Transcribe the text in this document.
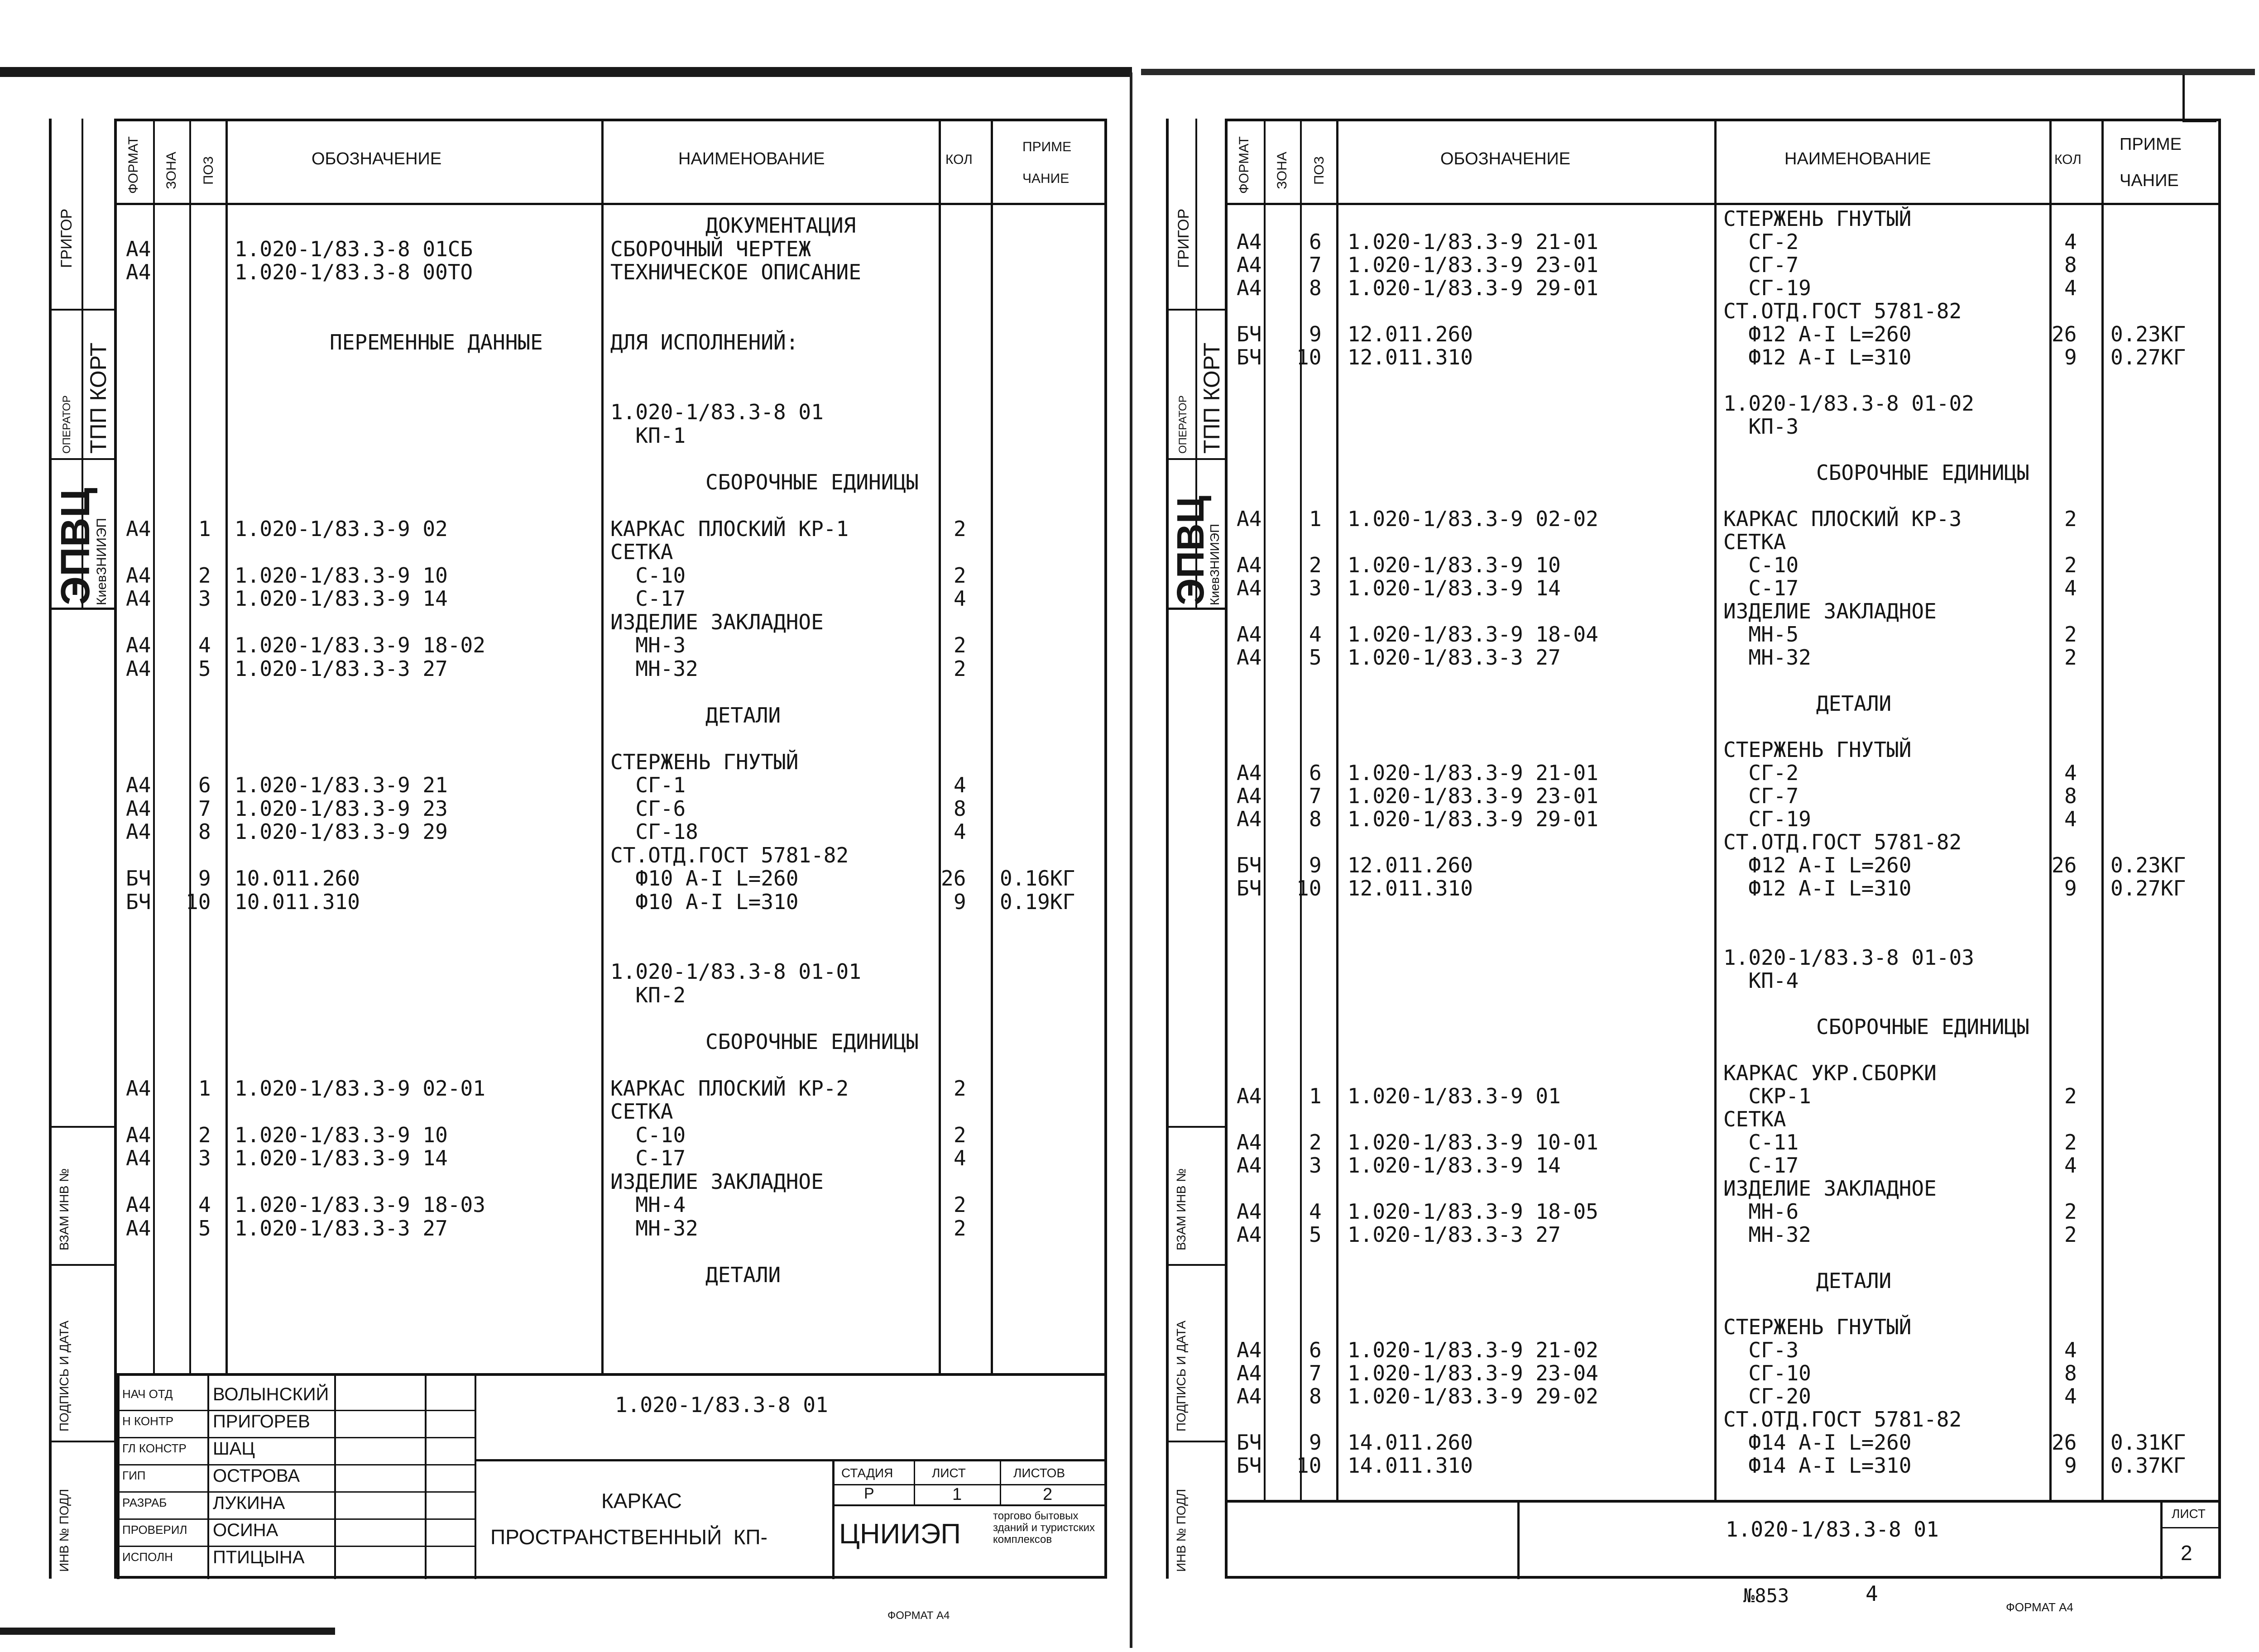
ОБОЗНАЧЕНИЕ	НАИМЕНОВАНИЕ	КОЛ
ПРИМЕ
ЧАНИЕ
ФОРМАТ ЗОНА ПОЗ
ДОКУМЕНТАЦИЯ
А4	1.020-1/83.3-8 01СБ	СБОРОЧНЫЙ ЧЕРТЕЖ
А4	1.020-1/83.3-8 00ТО	ТЕХНИЧЕСКОЕ ОПИСАНИЕ
ПЕРЕМЕННЫЕ ДАННЫЕ	ДЛЯ ИСПОЛНЕНИЙ:
1.020-1/83.3-8 01
КП-1
СБОРОЧНЫЕ ЕДИНИЦЫ
А4 1 1.020-1/83.3-9 02	КАРКАС ПЛОСКИЙ КР-1	2
СЕТКА
А4 2 1.020-1/83.3-9 10	С-10	2
А4 3 1.020-1/83.3-9 14	С-17	4
ИЗДЕЛИЕ ЗАКЛАДНОЕ
А4 4 1.020-1/83.3-9 18-02	МН-3	2
А4 5 1.020-1/83.3-3 27	МН-32	2
ДЕТАЛИ
СТЕРЖЕНЬ ГНУТЫЙ
А4 6 1.020-1/83.3-9 21	СГ-1	4
А4 7 1.020-1/83.3-9 23	СГ-6	8
А4 8 1.020-1/83.3-9 29	СГ-18	4
СТ.ОТД.ГОСТ 5781-82
БЧ 9 10.011.260	Ф10 А-I L=260	26 0.16КГ
БЧ 10 10.011.310	Ф10 А-I L=310	9 0.19КГ
1.020-1/83.3-8 01-01
КП-2
СБОРОЧНЫЕ ЕДИНИЦЫ
А4 1 1.020-1/83.3-9 02-01	КАРКАС ПЛОСКИЙ КР-2	2
СЕТКА
А4 2 1.020-1/83.3-9 10	С-10	2
А4 3 1.020-1/83.3-9 14	С-17	4
ИЗДЕЛИЕ ЗАКЛАДНОЕ
А4 4 1.020-1/83.3-9 18-03	МН-4	2
А4 5 1.020-1/83.3-3 27	МН-32	2
ДЕТАЛИ
НАЧ ОТД ВОЛЫНСКИЙ
Н КОНТР ПРИГОРЕВ
ГЛ КОНСТР ШАЦ
ГИП	ОСТРОВА
РАЗРАБ	ЛУКИНА
ПРОВЕРИЛ ОСИНА
ИСПОЛН ПТИЦЫНА
1.020-1/83.3-8 01
КАРКАС
ПРОСТРАНСТВЕННЫЙ  КП-
СТАДИЯ	ЛИСТ	ЛИСТОВ
Р	1	2
ЦНИИЭП
торгово бытовых зданий и туристских комплексов
ФОРМАТ А4
ГРИГОР
ТПП КОРТ
ОПЕРАТОР
ЭПВЦ
КиевЗНИИЭП
ВЗАМ ИНВ №
ПОДПИСЬ И ДАТА
ИНВ № ПОДЛ
ОБОЗНАЧЕНИЕ	НАИМЕНОВАНИЕ	КОЛ
ПРИМЕ
ЧАНИЕ
ФОРМАТ ЗОНА ПОЗ
СТЕРЖЕНЬ ГНУТЫЙ
А4 6 1.020-1/83.3-9 21-01	СГ-2	4
А4 7 1.020-1/83.3-9 23-01	СГ-7	8
А4 8 1.020-1/83.3-9 29-01	СГ-19	4
СТ.ОТД.ГОСТ 5781-82
БЧ 9 12.011.260	Ф12 А-I L=260	26 0.23КГ
БЧ 10 12.011.310	Ф12 А-I L=310	9 0.27КГ
1.020-1/83.3-8 01-02
КП-3
СБОРОЧНЫЕ ЕДИНИЦЫ
А4 1 1.020-1/83.3-9 02-02	КАРКАС ПЛОСКИЙ КР-3	2
СЕТКА
А4 2 1.020-1/83.3-9 10	С-10	2
А4 3 1.020-1/83.3-9 14	С-17	4
ИЗДЕЛИЕ ЗАКЛАДНОЕ
А4 4 1.020-1/83.3-9 18-04	МН-5	2
А4 5 1.020-1/83.3-3 27	МН-32	2
ДЕТАЛИ
СТЕРЖЕНЬ ГНУТЫЙ
А4 6 1.020-1/83.3-9 21-01	СГ-2	4
А4 7 1.020-1/83.3-9 23-01	СГ-7	8
А4 8 1.020-1/83.3-9 29-01	СГ-19	4
СТ.ОТД.ГОСТ 5781-82
БЧ 9 12.011.260	Ф12 А-I L=260	26 0.23КГ
БЧ 10 12.011.310	Ф12 А-I L=310	9 0.27КГ
1.020-1/83.3-8 01-03
КП-4
СБОРОЧНЫЕ ЕДИНИЦЫ
КАРКАС УКР.СБОРКИ
А4 1 1.020-1/83.3-9 01	СКР-1	2
СЕТКА
А4 2 1.020-1/83.3-9 10-01	С-11	2
А4 3 1.020-1/83.3-9 14	С-17	4
ИЗДЕЛИЕ ЗАКЛАДНОЕ
А4 4 1.020-1/83.3-9 18-05	МН-6	2
А4 5 1.020-1/83.3-3 27	МН-32	2
ДЕТАЛИ
СТЕРЖЕНЬ ГНУТЫЙ
А4 6 1.020-1/83.3-9 21-02	СГ-3	4
А4 7 1.020-1/83.3-9 23-04	СГ-10	8
А4 8 1.020-1/83.3-9 29-02	СГ-20	4
СТ.ОТД.ГОСТ 5781-82
БЧ 9 14.011.260	Ф14 А-I L=260	26 0.31КГ
БЧ 10 14.011.310	Ф14 А-I L=310	9 0.37КГ
1.020-1/83.3-8 01
ЛИСТ
2
№853	4
ФОРМАТ А4
ГРИГОР
ТПП КОРТ
ОПЕРАТОР
ЭПВЦ
КиевЗНИИЭП
ВЗАМ ИНВ №
ПОДПИСЬ И ДАТА
ИНВ № ПОДЛ
